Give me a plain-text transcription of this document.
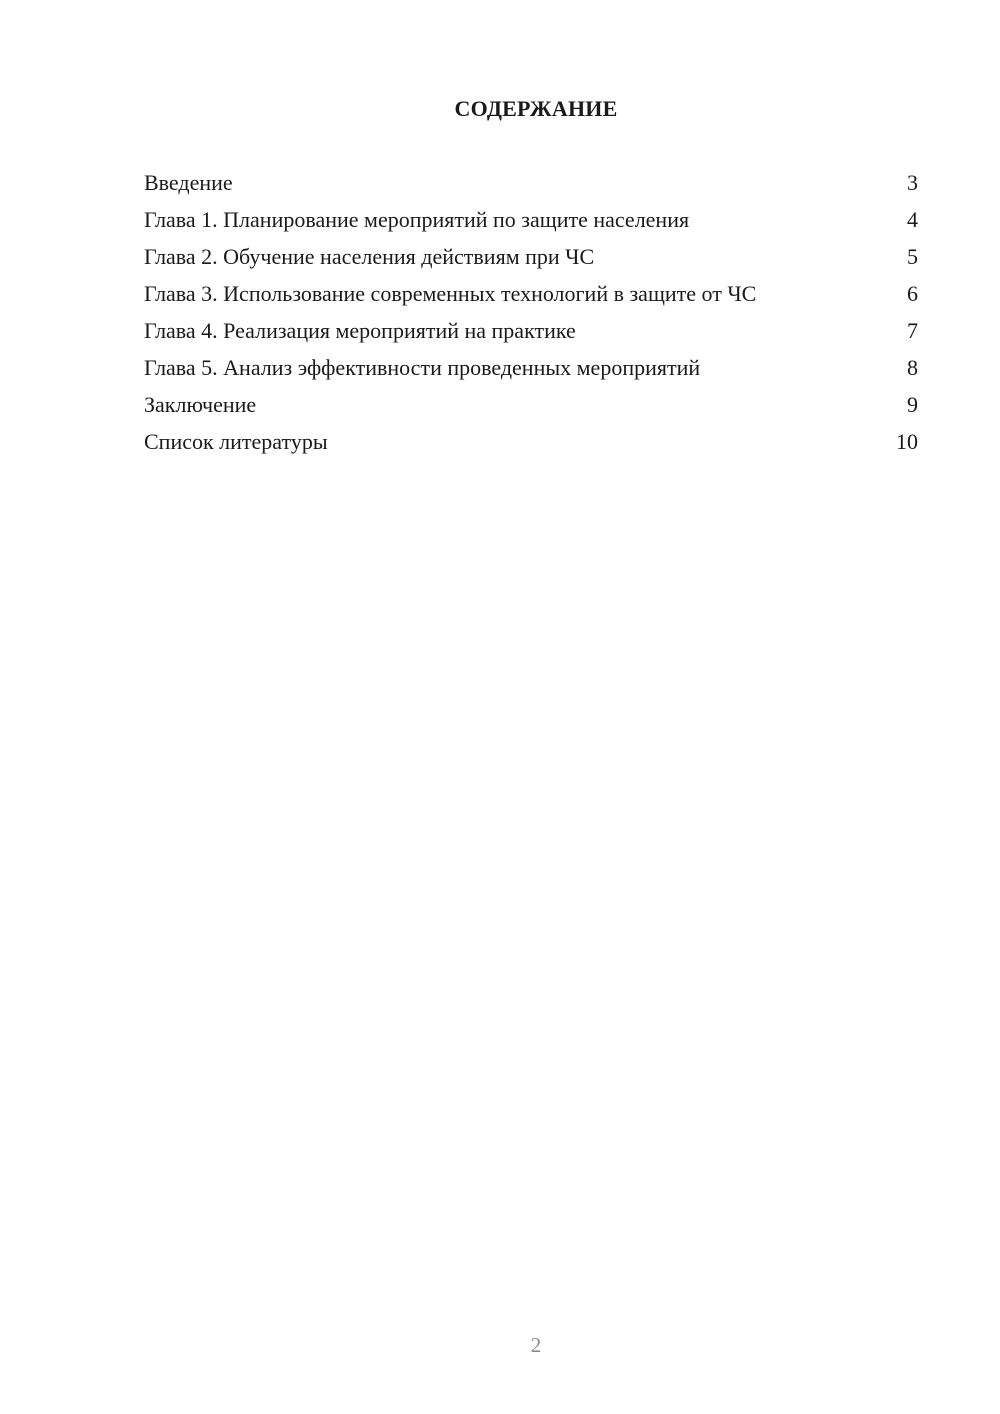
СОДЕРЖАНИЕ
Введение	3
Глава 1. Планирование мероприятий по защите населения	4
Глава 2. Обучение населения действиям при ЧС	5
Глава 3. Использование современных технологий в защите от ЧС	6
Глава 4. Реализация мероприятий на практике	7
Глава 5. Анализ эффективности проведенных мероприятий	8
Заключение	9
Список литературы	10
2
